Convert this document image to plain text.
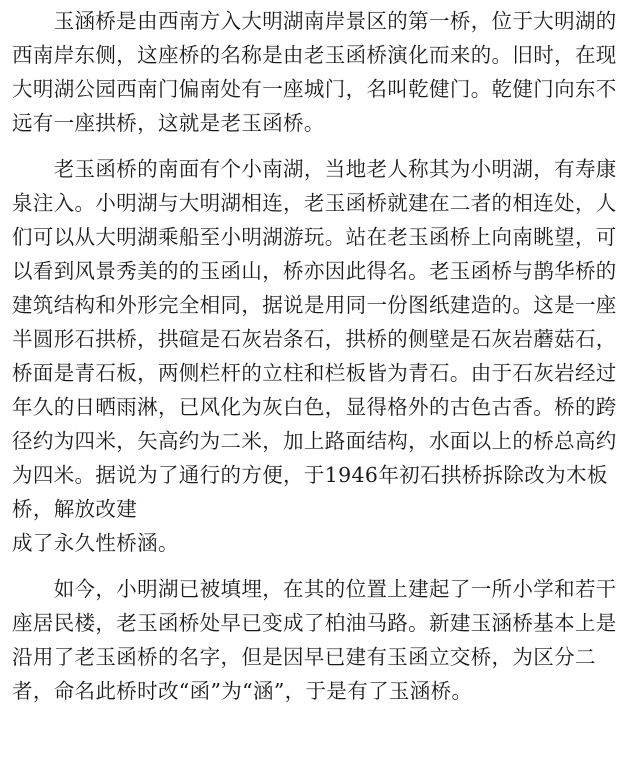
　　玉涵桥是由西南方入大明湖南岸景区的第一桥，位于大明湖的西南岸东侧，这座桥的名称是由老玉函桥演化而来的。旧时，在现大明湖公园西南门偏南处有一座城门，名叫乾健门。乾健门向东不远有一座拱桥，这就是老玉函桥。

　　老玉函桥的南面有个小南湖，当地老人称其为小明湖，有寿康泉注入。小明湖与大明湖相连，老玉函桥就建在二者的相连处，人们可以从大明湖乘船至小明湖游玩。站在老玉函桥上向南眺望，可以看到风景秀美的的玉函山，桥亦因此得名。老玉函桥与鹊华桥的建筑结构和外形完全相同，据说是用同一份图纸建造的。这是一座半圆形石拱桥，拱碹是石灰岩条石，拱桥的侧壁是石灰岩蘑菇石，桥面是青石板，两侧栏杆的立柱和栏板皆为青石。由于石灰岩经过年久的日晒雨淋，已风化为灰白色，显得格外的古色古香。桥的跨径约为四米，矢高约为二米，加上路面结构，水面以上的桥总高约为四米。据说为了通行的方便，于1946年初石拱桥拆除改为木板桥，解放改建
成了永久性桥涵。

　　如今，小明湖已被填埋，在其的位置上建起了一所小学和若干座居民楼，老玉函桥处早已变成了柏油马路。新建玉涵桥基本上是沿用了老玉函桥的名字，但是因早已建有玉函立交桥，为区分二者，命名此桥时改“函”为“涵”，于是有了玉涵桥。
